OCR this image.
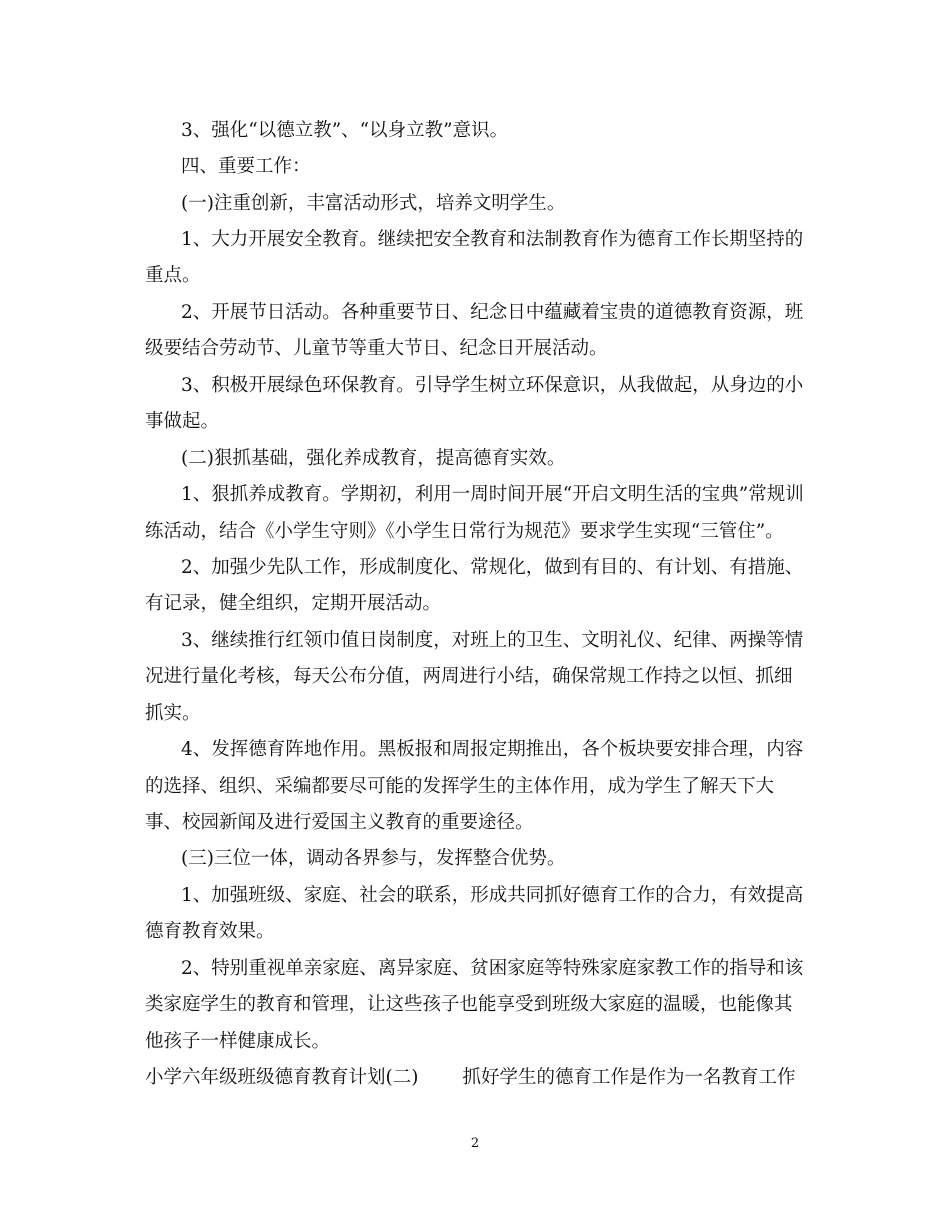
3、强化“以德立教”、“以身立教”意识。
四、重要工作：
(一)注重创新，丰富活动形式，培养文明学生。
1、大力开展安全教育。继续把安全教育和法制教育作为德育工作长期坚持的
重点。
2、开展节日活动。各种重要节日、纪念日中蕴藏着宝贵的道德教育资源，班
级要结合劳动节、儿童节等重大节日、纪念日开展活动。
3、积极开展绿色环保教育。引导学生树立环保意识，从我做起，从身边的小
事做起。
(二)狠抓基础，强化养成教育，提高德育实效。
1、狠抓养成教育。学期初，利用一周时间开展“开启文明生活的宝典”常规训
练活动，结合《小学生守则》《小学生日常行为规范》要求学生实现“三管住”。
2、加强少先队工作，形成制度化、常规化，做到有目的、有计划、有措施、
有记录，健全组织，定期开展活动。
3、继续推行红领巾值日岗制度，对班上的卫生、文明礼仪、纪律、两操等情
况进行量化考核，每天公布分值，两周进行小结，确保常规工作持之以恒、抓细
抓实。
4、发挥德育阵地作用。黑板报和周报定期推出，各个板块要安排合理，内容
的选择、组织、采编都要尽可能的发挥学生的主体作用，成为学生了解天下大
事、校园新闻及进行爱国主义教育的重要途径。
(三)三位一体，调动各界参与，发挥整合优势。
1、加强班级、家庭、社会的联系，形成共同抓好德育工作的合力，有效提高
德育教育效果。
2、特别重视单亲家庭、离异家庭、贫困家庭等特殊家庭家教工作的指导和该
类家庭学生的教育和管理，让这些孩子也能享受到班级大家庭的温暖，也能像其
他孩子一样健康成长。
小学六年级班级德育教育计划(二) 抓好学生的德育工作是作为一名教育工作
2
